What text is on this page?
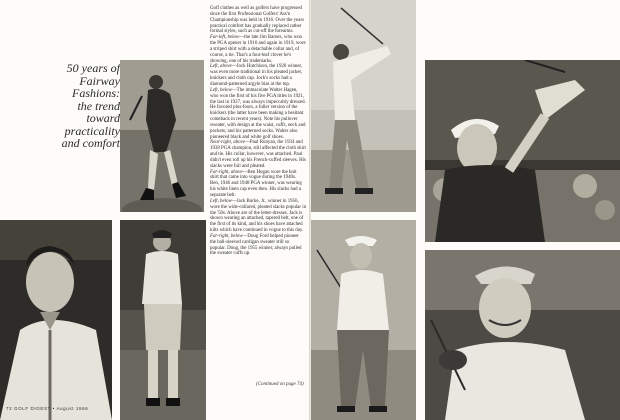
50 years of
Fairway Fashions:
the trend
toward practicality
and comfort

Golf clothes as well as golfers have progressed since the first Professional Golfers' Ass'n Championship was held in 1916. Over the years practical comfort has gradually replaced rather formal styles, such as cut-off the forearms.

Far-left, below—the late Jim Barnes, who won the PGA opener in 1916 and again in 1919, wore a striped shirt with a detachable collar and, of course, a tie. That's a four-leaf clover he's showing, one of his trademarks.

Left, above—Jock Hutchison, the 1920 winner, was even more traditional in his pleated jacket, knickers and cloth cap. Jock's socks had a diamond-patterned argyle bias at the top.

Left, below—The immaculate Walter Hagen, who won the first of his five PGA titles in 1921, the last in 1927, was always impeccably dressed. He favored plus-fours, a fuller version of the knickers (the latter have been making a hesitant comeback in recent years). Note his pullover sweater, with design at the waist, cuffs, neck and pockets; and his patterned socks. Walter also pioneered black and white golf shoes.

Near-right, above—Paul Runyan, the 1934 and 1938 PGA champion, still affected the cloth shirt and tie. His collar, however, was attached. Paul didn't even roll up his French-cuffed sleeves. His slacks were full and pleated.

Far-right, above—Ben Hogan wore the knit shirt that came into vogue during the 1940s. Ben, 1946 and 1948 PGA winner, was wearing his white linen cap even then. His slacks had a separate belt.

Left, below—Jack Burke, Jr., winner in 1956, wore the wide-collared, pleated slacks popular in the '50s. Above are of the letter-dresses. Jack is shown wearing an attached, tapered belt, one of the first of its kind, and his shoes have attached kilts which have continued in vogue to this day.

Far-right, below—Doug Ford helped pioneer the ball-sleeved cardigan sweater still so popular. Doug, the 1955 winner, always pulled the sweater cuffs up.

(Continued on page 74)
72 GOLF DIGEST • August 1966
